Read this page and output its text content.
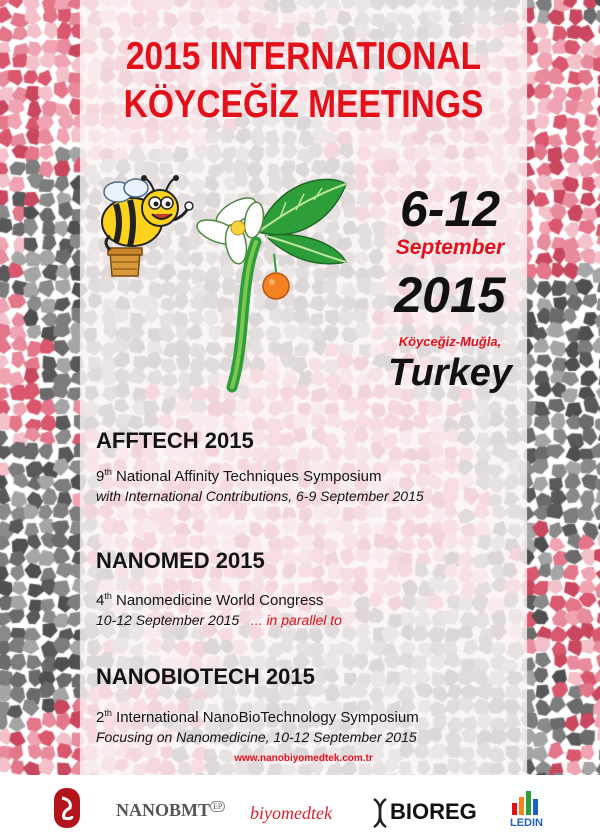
2015 INTERNATIONAL
KÖYCEĞİZ MEETINGS
6-12
September
2015
Köyceğiz-Muğla,
Turkey
AFFTECH 2015
9th National Affinity Techniques Symposium
with International Contributions, 6-9 September 2015
NANOMED 2015
4th Nanomedicine World Congress
10-12 September 2015 ... in parallel to
NANOBIOTECH 2015
2th International NanoBioTechnology Symposium
Focusing on Nanomedicine, 10-12 September 2015
www.nanobiyomedtek.com.tr
NANOBMT $^{EP}$ biyomedtek	BIOREG	LEDIN
